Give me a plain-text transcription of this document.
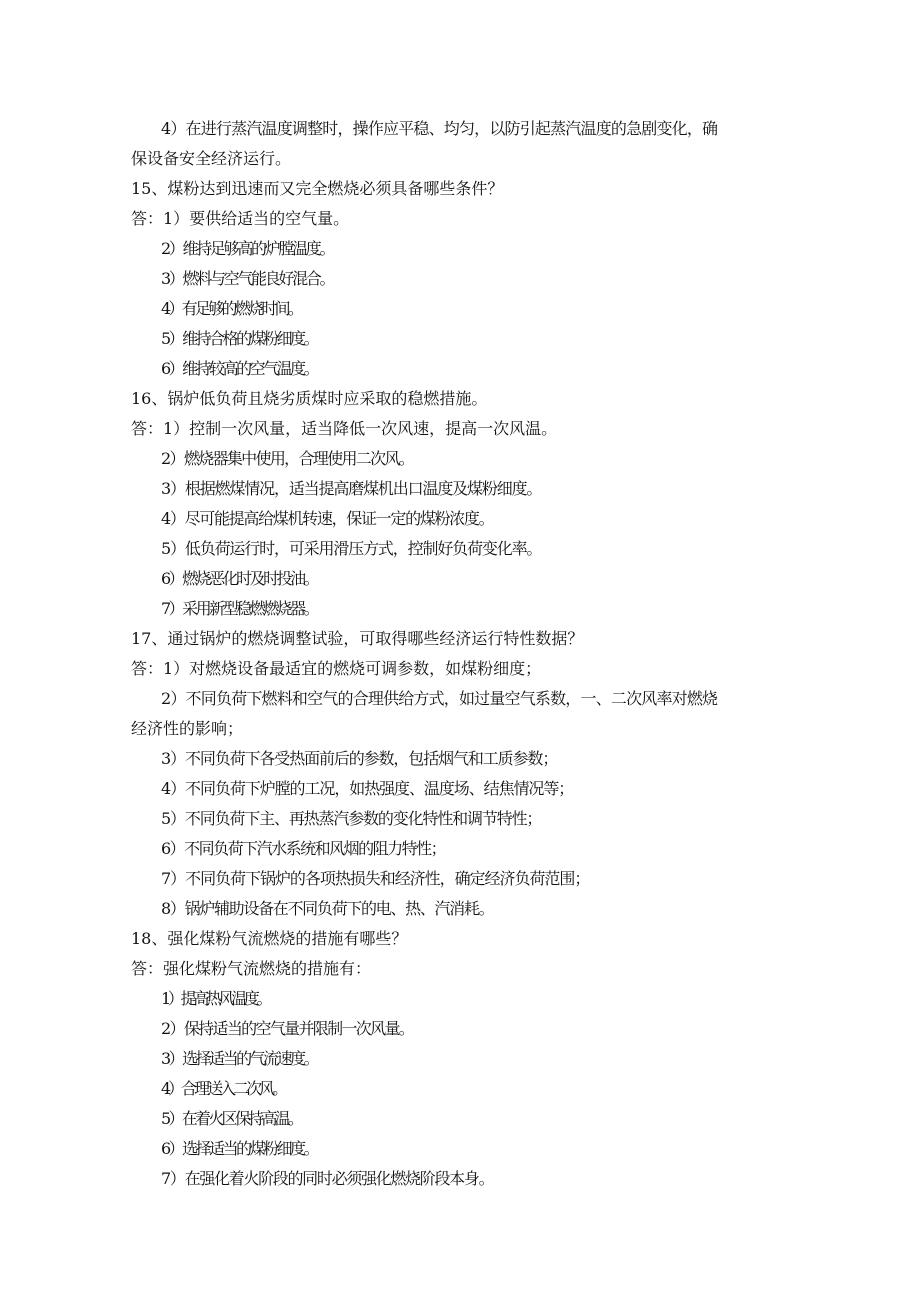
4）在进行蒸汽温度调整时，操作应平稳、均匀，以防引起蒸汽温度的急剧变化，确
保设备安全经济运行。
15、煤粉达到迅速而又完全燃烧必须具备哪些条件？
答：1）要供给适当的空气量。
2）维持足够高的炉膛温度。
3）燃料与空气能良好混合。
4）有足够的燃烧时间。
5）维持合格的煤粉细度。
6）维持较高的空气温度。
16、锅炉低负荷且烧劣质煤时应采取的稳燃措施。
答：1）控制一次风量，适当降低一次风速，提高一次风温。
2）燃烧器集中使用，合理使用二次风。
3）根据燃煤情况，适当提高磨煤机出口温度及煤粉细度。
4）尽可能提高给煤机转速，保证一定的煤粉浓度。
5）低负荷运行时，可采用滑压方式，控制好负荷变化率。
6）燃烧恶化时及时投油。
7）采用新型稳燃燃烧器。
17、通过锅炉的燃烧调整试验，可取得哪些经济运行特性数据？
答：1）对燃烧设备最适宜的燃烧可调参数，如煤粉细度；
2）不同负荷下燃料和空气的合理供给方式，如过量空气系数，一、二次风率对燃烧
经济性的影响；
3）不同负荷下各受热面前后的参数，包括烟气和工质参数；
4）不同负荷下炉膛的工况，如热强度、温度场、结焦情况等；
5）不同负荷下主、再热蒸汽参数的变化特性和调节特性；
6）不同负荷下汽水系统和风烟的阻力特性；
7）不同负荷下锅炉的各项热损失和经济性，确定经济负荷范围；
8）锅炉辅助设备在不同负荷下的电、热、汽消耗。
18、强化煤粉气流燃烧的措施有哪些？
答：强化煤粉气流燃烧的措施有：
1）提高热风温度。
2）保持适当的空气量并限制一次风量。
3）选择适当的气流速度。
4）合理送入二次风。
5）在着火区保持高温。
6）选择适当的煤粉细度。
7）在强化着火阶段的同时必须强化燃烧阶段本身。
